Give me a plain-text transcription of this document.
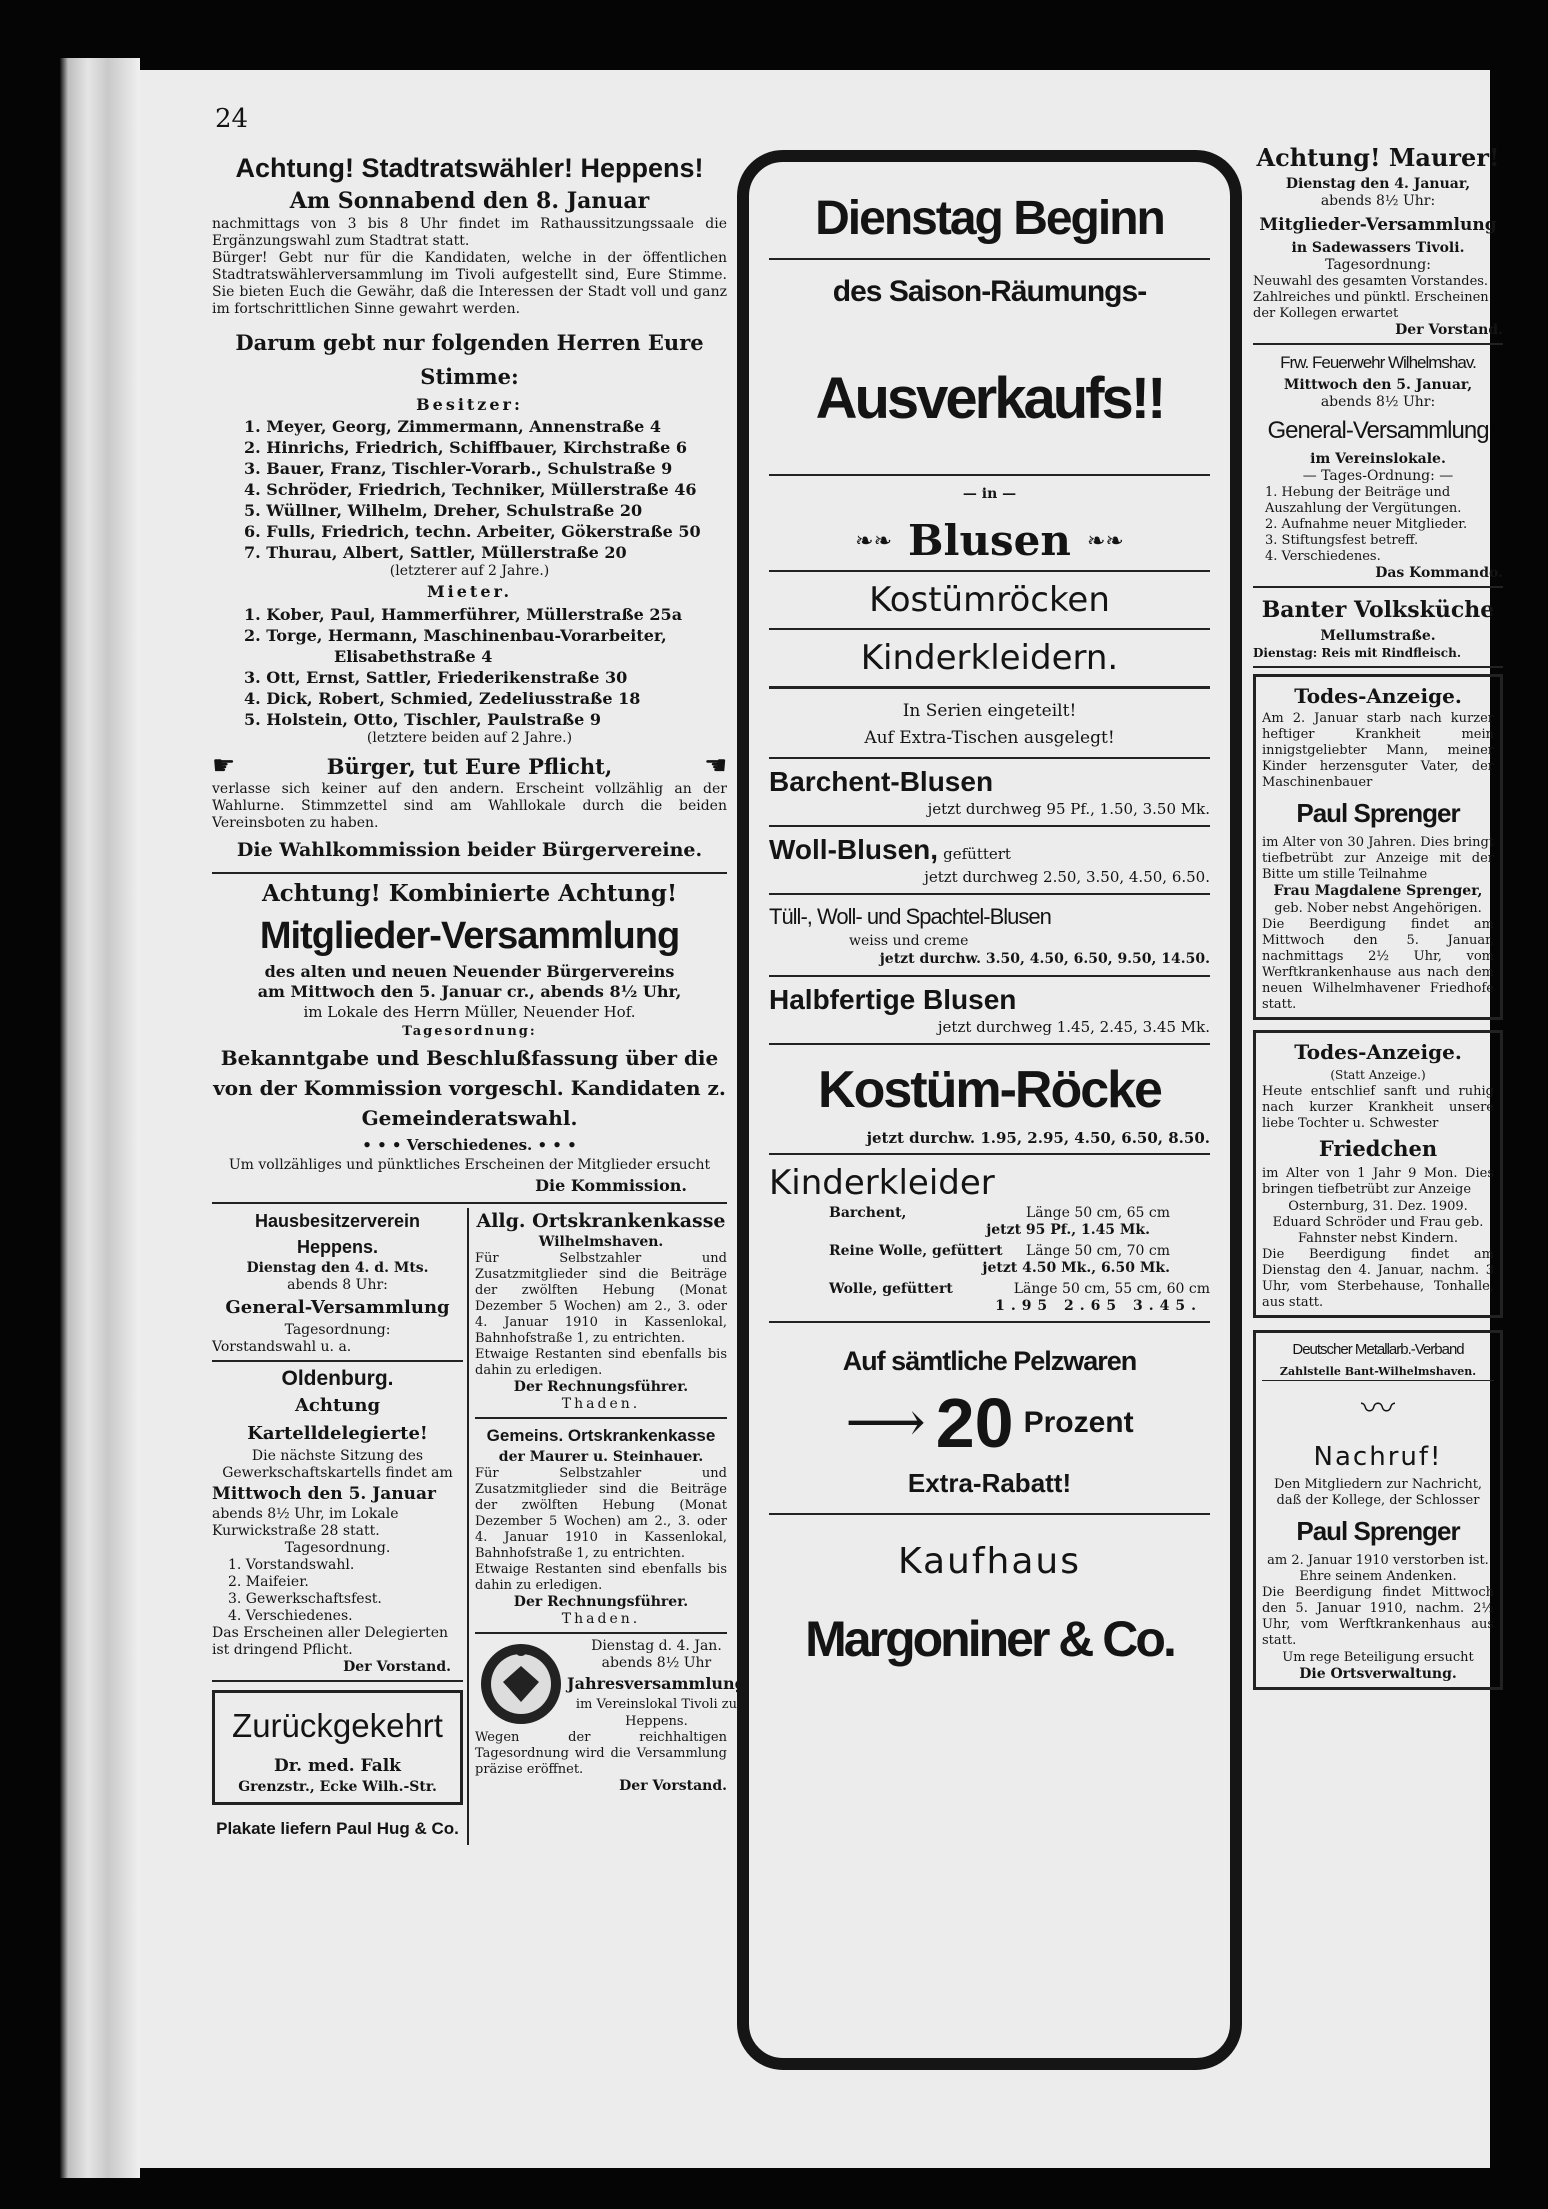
24
Achtung! Stadtratswähler! Heppens!
Am Sonnabend den 8. Januar
nachmittags von 3 bis 8 Uhr findet im Rathaussitzungssaale die Ergänzungswahl zum Stadtrat statt.
Bürger! Gebt nur für die Kandidaten, welche in der öffentlichen Stadtratswählerversammlung im Tivoli aufgestellt sind, Eure Stimme. Sie bieten Euch die Gewähr, daß die Interessen der Stadt voll und ganz im fortschrittlichen Sinne gewahrt werden.
Darum gebt nur folgenden Herren Eure Stimme:
Besitzer:
1. Meyer, Georg, Zimmermann, Annenstraße 4
2. Hinrichs, Friedrich, Schiffbauer, Kirchstraße 6
3. Bauer, Franz, Tischler-Vorarb., Schulstraße 9
4. Schröder, Friedrich, Techniker, Müllerstraße 46
5. Wüllner, Wilhelm, Dreher, Schulstraße 20
6. Fulls, Friedrich, techn. Arbeiter, Gökerstraße 50
7. Thurau, Albert, Sattler, Müllerstraße 20
(letzterer auf 2 Jahre.)
Mieter.
1. Kober, Paul, Hammerführer, Müllerstraße 25a
2. Torge, Hermann, Maschinenbau-Vorarbeiter,
Elisabethstraße 4
3. Ott, Ernst, Sattler, Friederikenstraße 30
4. Dick, Robert, Schmied, Zedeliusstraße 18
5. Holstein, Otto, Tischler, Paulstraße 9
(letztere beiden auf 2 Jahre.)
☛	Bürger, tut Eure Pflicht,	☛
verlasse sich keiner auf den andern. Erscheint vollzählig an der Wahlurne. Stimmzettel sind am Wahllokale durch die beiden Vereinsboten zu haben.
Die Wahlkommission beider Bürgervereine.
Achtung! Kombinierte Achtung!
Mitglieder-Versammlung
des alten und neuen Neuender Bürgervereins
am Mittwoch den 5. Januar cr., abends 8½ Uhr,
im Lokale des Herrn Müller, Neuender Hof.
Tagesordnung:
Bekanntgabe und Beschlußfassung über die von der Kommission vorgeschl. Kandidaten z. Gemeinderatswahl.
• • • Verschiedenes. • • •
Um vollzähliges und pünktliches Erscheinen der Mitglieder ersucht
Die Kommission.
Hausbesitzerverein Heppens.
Dienstag den 4. d. Mts.
abends 8 Uhr:
General-Versammlung
Tagesordnung:
Vorstandswahl u. a.
Oldenburg.
Achtung Kartelldelegierte!
Die nächste Sitzung des Gewerkschaftskartells findet am
Mittwoch den 5. Januar
abends 8½ Uhr, im Lokale Kurwickstraße 28 statt.
Tagesordnung.
1. Vorstandswahl.
2. Maifeier.
3. Gewerkschaftsfest.
4. Verschiedenes.
Das Erscheinen aller Delegierten ist dringend Pflicht.
Der Vorstand.
Zurückgekehrt
Dr. med. Falk
Grenzstr., Ecke Wilh.-Str.
Plakate liefern Paul Hug & Co.
Allg. Ortskrankenkasse
Wilhelmshaven.
Für Selbstzahler und Zusatzmitglieder sind die Beiträge der zwölften Hebung (Monat Dezember 5 Wochen) am 2., 3. oder 4. Januar 1910 in Kassenlokal, Bahnhofstraße 1, zu entrichten.
Etwaige Restanten sind ebenfalls bis dahin zu erledigen.
Der Rechnungsführer.
Thaden.
Gemeins. Ortskrankenkasse
der Maurer u. Steinhauer.
Für Selbstzahler und Zusatzmitglieder sind die Beiträge der zwölften Hebung (Monat Dezember 5 Wochen) am 2., 3. oder 4. Januar 1910 in Kassenlokal, Bahnhofstraße 1, zu entrichten.
Etwaige Restanten sind ebenfalls bis dahin zu erledigen.
Der Rechnungsführer.
Thaden.
Dienstag d. 4. Jan.
abends 8½ Uhr
Jahresversammlung
im Vereinslokal Tivoli zu Heppens.
Wegen der reichhaltigen Tagesordnung wird die Versammlung präzise eröffnet.
Der Vorstand.
Dienstag Beginn
des Saison-Räumungs-
Ausverkaufs!!
— in —
❧❧ Blusen ❧❧
Kostümröcken
Kinderkleidern.
In Serien eingeteilt!
Auf Extra-Tischen ausgelegt!
Barchent-Blusen
jetzt durchweg 95 Pf., 1.50, 3.50 Mk.
Woll-Blusen, gefüttert
jetzt durchweg 2.50, 3.50, 4.50, 6.50.
Tüll-, Woll- und Spachtel-Blusen
weiss und creme
jetzt durchw. 3.50, 4.50, 6.50, 9.50, 14.50.
Halbfertige Blusen
jetzt durchweg 1.45, 2.45, 3.45 Mk.
Kostüm-Röcke
jetzt durchw. 1.95, 2.95, 4.50, 6.50, 8.50.
Kinderkleider
Barchent,	Länge 50 cm, 65 cm
jetzt 95 Pf., 1.45 Mk.
Reine Wolle, gefüttert Länge 50 cm, 70 cm
jetzt 4.50 Mk., 6.50 Mk.
Wolle, gefüttert	Länge 50 cm, 55 cm, 60 cm
1.95 2.65 3.45.
Auf sämtliche Pelzwaren
⟶ 20 Prozent
Extra-Rabatt!
Kaufhaus
Margoniner & Co.
Achtung! Maurer!
Dienstag den 4. Januar,
abends 8½ Uhr:
Mitglieder-Versammlung
in Sadewassers Tivoli.
Tagesordnung:
Neuwahl des gesamten Vorstandes. Zahlreiches und pünktl. Erscheinen der Kollegen erwartet
Der Vorstand.
Frw. Feuerwehr Wilhelmshav.
Mittwoch den 5. Januar,
abends 8½ Uhr:
General-Versammlung
im Vereinslokale.
— Tages-Ordnung: —
1. Hebung der Beiträge und Auszahlung der Vergütungen.
2. Aufnahme neuer Mitglieder.
3. Stiftungsfest betreff.
4. Verschiedenes.
Das Kommando.
Banter Volksküche
Mellumstraße.
Dienstag: Reis mit Rindfleisch.
Todes-Anzeige.
Am 2. Januar starb nach kurzer heftiger Krankheit mein innigstgeliebter Mann, meiner Kinder herzensguter Vater, der Maschinenbauer
Paul Sprenger
im Alter von 30 Jahren. Dies bringt tiefbetrübt zur Anzeige mit der Bitte um stille Teilnahme
Frau Magdalene Sprenger,
geb. Nober nebst Angehörigen.
Die Beerdigung findet am Mittwoch den 5. Januar, nachmittags 2½ Uhr, vom Werftkrankenhause aus nach dem neuen Wilhelmhavener Friedhofe statt.
Todes-Anzeige.
(Statt Anzeige.)
Heute entschlief sanft und ruhig nach kurzer Krankheit unsere liebe Tochter u. Schwester
Friedchen
im Alter von 1 Jahr 9 Mon. Dies bringen tiefbetrübt zur Anzeige
Osternburg, 31. Dez. 1909.
Eduard Schröder und Frau geb. Fahnster nebst Kindern.
Die Beerdigung findet am Dienstag den 4. Januar, nachm. 3 Uhr, vom Sterbehause, Tonhalle, aus statt.
Deutscher Metallarb.-Verband
Zahlstelle Bant-Wilhelmshaven.
〰
Nachruf!
Den Mitgliedern zur Nachricht, daß der Kollege, der Schlosser
Paul Sprenger
am 2. Januar 1910 verstorben ist. Ehre seinem Andenken.
Die Beerdigung findet Mittwoch den 5. Januar 1910, nachm. 2½ Uhr, vom Werftkrankenhaus aus statt.
Um rege Beteiligung ersucht
Die Ortsverwaltung.
